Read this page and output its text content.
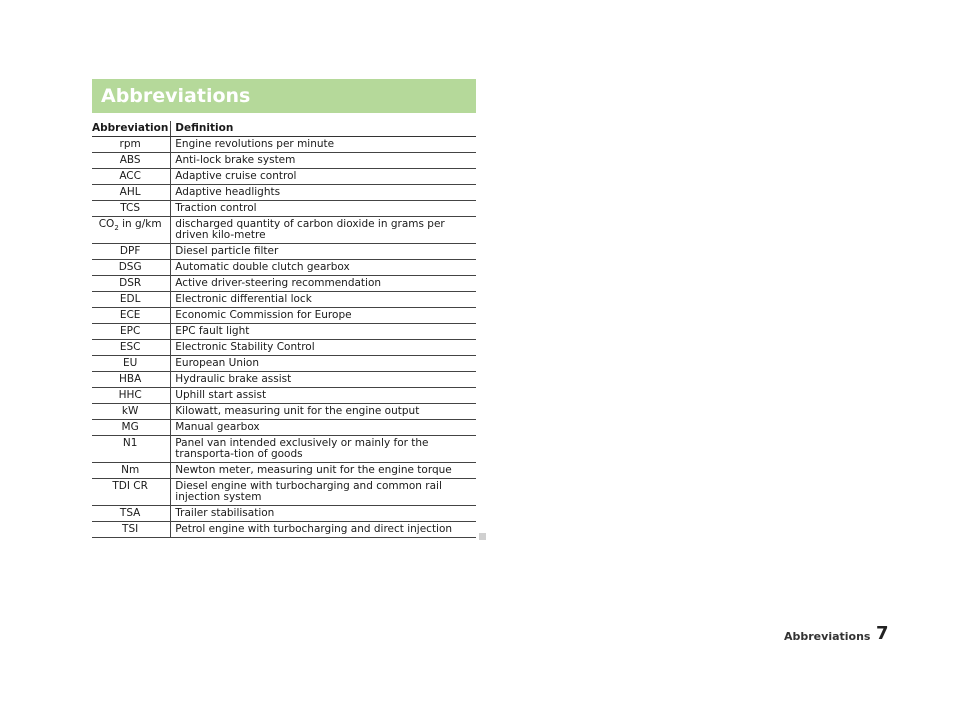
Abbreviations
Abbreviation	Definition
rpm	Engine revolutions per minute
ABS	Anti-lock brake system
ACC	Adaptive cruise control
AHL	Adaptive headlights
TCS	Traction control
$CO_2$ in g/km	discharged quantity of carbon dioxide in grams per driven kilo-metre
DPF	Diesel particle filter
DSG	Automatic double clutch gearbox
DSR	Active driver-steering recommendation
EDL	Electronic differential lock
ECE	Economic Commission for Europe
EPC	EPC fault light
ESC	Electronic Stability Control
EU	European Union
HBA	Hydraulic brake assist
HHC	Uphill start assist
kW	Kilowatt, measuring unit for the engine output
MG	Manual gearbox
N1	Panel van intended exclusively or mainly for the transporta-tion of goods
Nm	Newton meter, measuring unit for the engine torque
TDI CR	Diesel engine with turbocharging and common rail injection system
TSA	Trailer stabilisation
TSI	Petrol engine with turbocharging and direct injection
Abbreviations 7
